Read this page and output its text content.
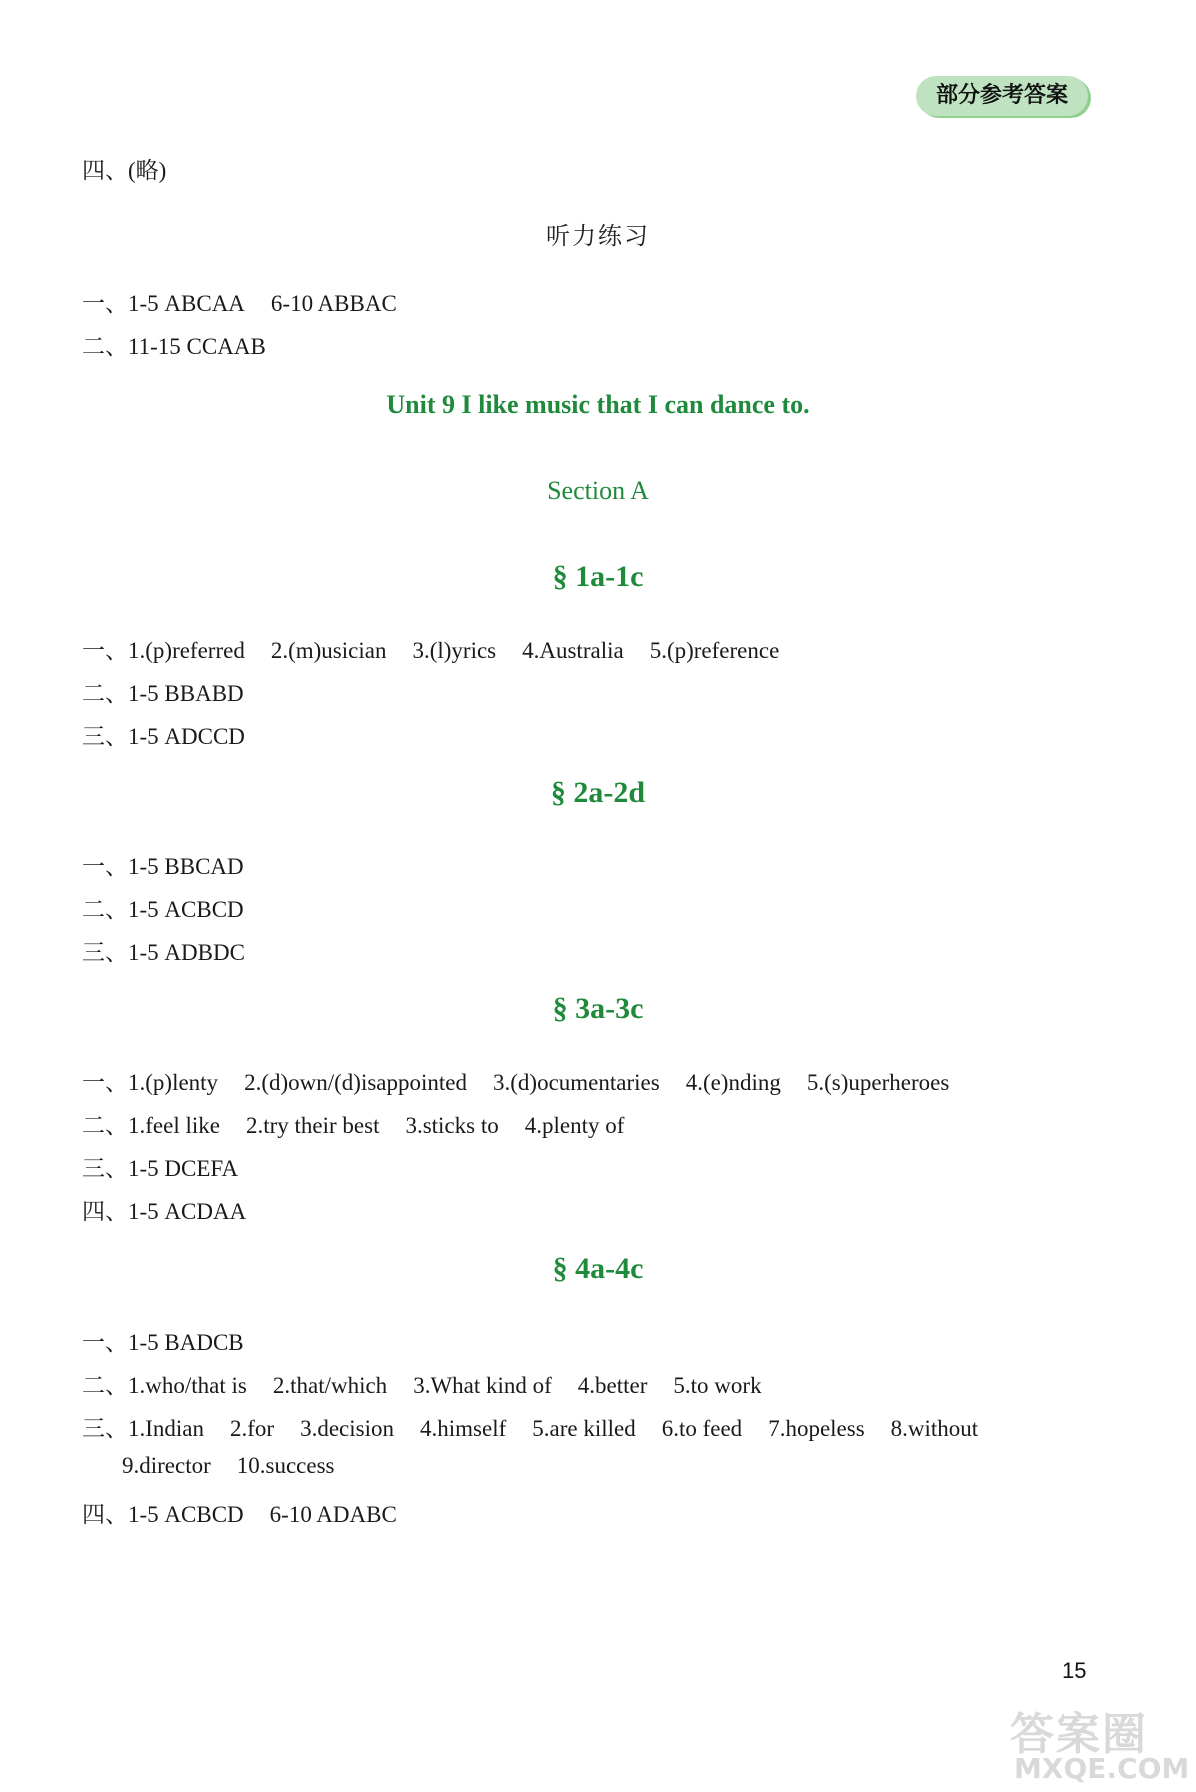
部分参考答案
四、(略)
听力练习
一、1-5 ABCAA 6-10 ABBAC
二、11-15 CCAAB
Unit 9 I like music that I can dance to.
Section A
§ 1a-1c
一、1.(p)referred 2.(m)usician 3.(l)yrics 4.Australia 5.(p)reference
二、1-5 BBABD
三、1-5 ADCCD
§ 2a-2d
一、1-5 BBCAD
二、1-5 ACBCD
三、1-5 ADBDC
§ 3a-3c
一、1.(p)lenty 2.(d)own/(d)isappointed 3.(d)ocumentaries 4.(e)nding 5.(s)uperheroes
二、1.feel like 2.try their best 3.sticks to 4.plenty of
三、1-5 DCEFA
四、1-5 ACDAA
§ 4a-4c
一、1-5 BADCB
二、1.who/that is 2.that/which 3.What kind of 4.better 5.to work
三、1.Indian 2.for 3.decision 4.himself 5.are killed 6.to feed 7.hopeless 8.without
9.director 10.success
四、1-5 ACBCD 6-10 ADABC
15
答案圈
MXQE.COM
